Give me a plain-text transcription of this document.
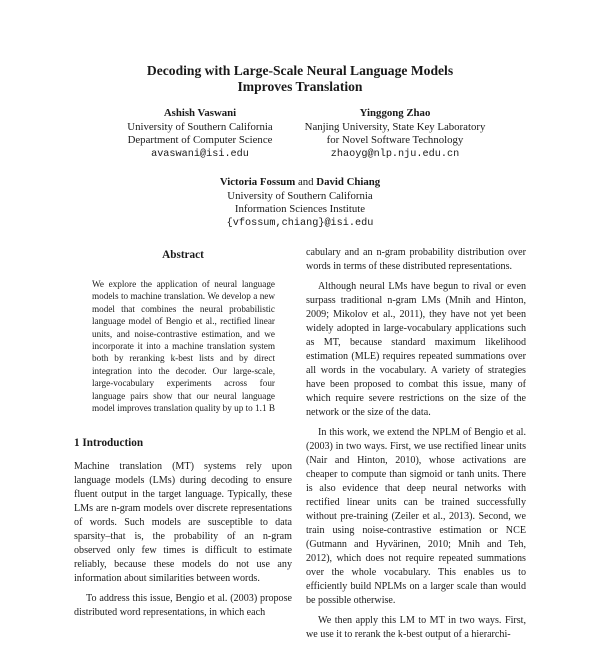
Decoding with Large-Scale Neural Language Models
Improves Translation
Ashish Vaswani
University of Southern California
Department of Computer Science
avaswani@isi.edu
Yinggong Zhao
Nanjing University, State Key Laboratory
for Novel Software Technology
zhaoyg@nlp.nju.edu.cn
Victoria Fossum and David Chiang
University of Southern California
Information Sciences Institute
{vfossum,chiang}@isi.edu
Abstract
We explore the application of neural language models to machine translation. We develop a new model that combines the neural probabilistic language model of Bengio et al., rectified linear units, and noise-contrastive estimation, and we incorporate it into a machine translation system both by reranking k-best lists and by direct integration into the decoder. Our large-scale, large-vocabulary experiments across four language pairs show that our neural language model improves translation quality by up to 1.1 B
1 Introduction

Machine translation (MT) systems rely upon language models (LMs) during decoding to ensure fluent output in the target language. Typically, these LMs are n-gram models over discrete representations of words. Such models are susceptible to data sparsity–that is, the probability of an n-gram observed only few times is difficult to estimate reliably, because these models do not use any information about similarities between words.

To address this issue, Bengio et al. (2003) propose distributed word representations, in which each

cabulary and an n-gram probability distribution over words in terms of these distributed representations.

Although neural LMs have begun to rival or even surpass traditional n-gram LMs (Mnih and Hinton, 2009; Mikolov et al., 2011), they have not yet been widely adopted in large-vocabulary applications such as MT, because standard maximum likelihood estimation (MLE) requires repeated summations over all words in the vocabulary. A variety of strategies have been proposed to combat this issue, many of which require severe restrictions on the size of the network or the size of the data.

In this work, we extend the NPLM of Bengio et al. (2003) in two ways. First, we use rectified linear units (Nair and Hinton, 2010), whose activations are cheaper to compute than sigmoid or tanh units. There is also evidence that deep neural networks with rectified linear units can be trained successfully without pre-training (Zeiler et al., 2013). Second, we train using noise-contrastive estimation or NCE (Gutmann and Hyvärinen, 2010; Mnih and Teh, 2012), which does not require repeated summations over the whole vocabulary. This enables us to efficiently build NPLMs on a larger scale than would be possible otherwise.

We then apply this LM to MT in two ways. First, we use it to rerank the k-best output of a hierarchi-
